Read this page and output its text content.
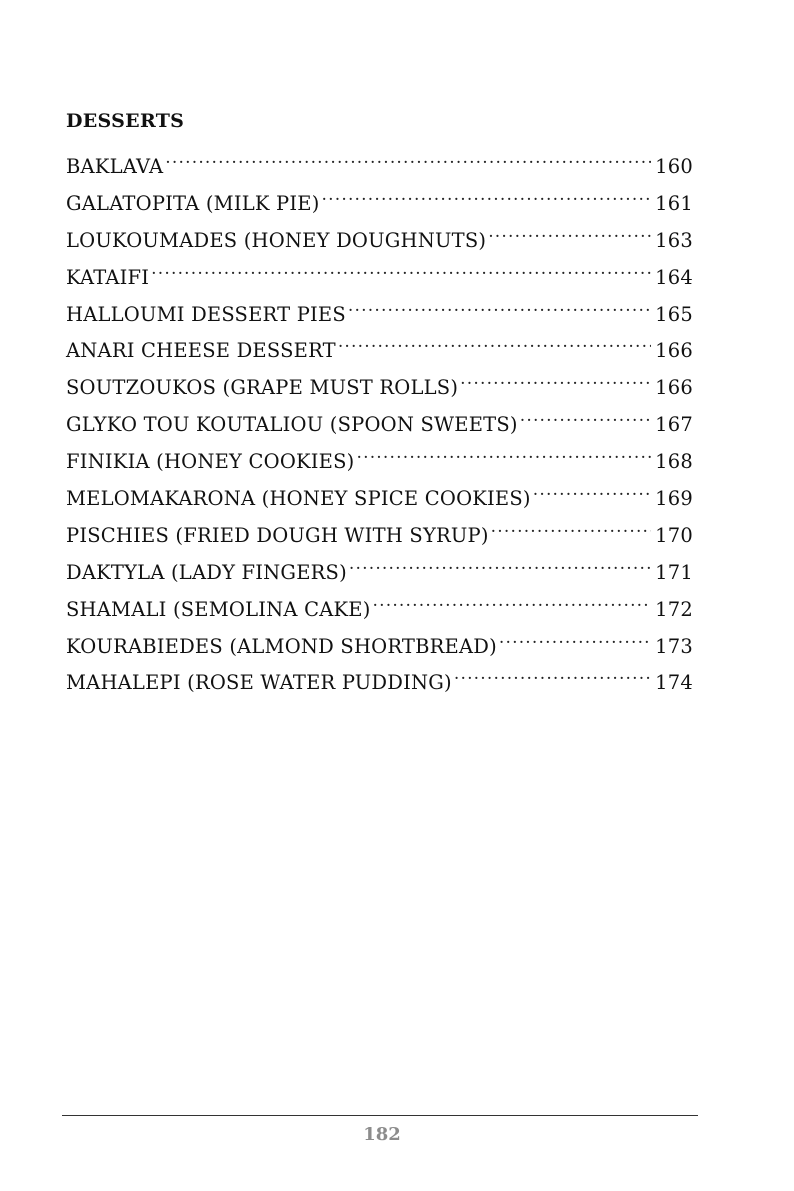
DESSERTS
BAKLAVA .....	160
GALATOPITA (MILK PIE) .....	161
LOUKOUMADES (HONEY DOUGHNUTS) .....	163
KATAIFI .....	164
HALLOUMI DESSERT PIES .....	165
ANARI CHEESE DESSERT .....	166
SOUTZOUKOS (GRAPE MUST ROLLS) .....	166
GLYKO TOU KOUTALIOU (SPOON SWEETS) .....	167
FINIKIA (HONEY COOKIES) .....	168
MELOMAKARONA (HONEY SPICE COOKIES) .....	169
PISCHIES (FRIED DOUGH WITH SYRUP) .....	170
DAKTYLA (LADY FINGERS) .....	171
SHAMALI (SEMOLINA CAKE) .....	172
KOURABIEDES (ALMOND SHORTBREAD) .....	173
MAHALEPI (ROSE WATER PUDDING) .....	174
182
